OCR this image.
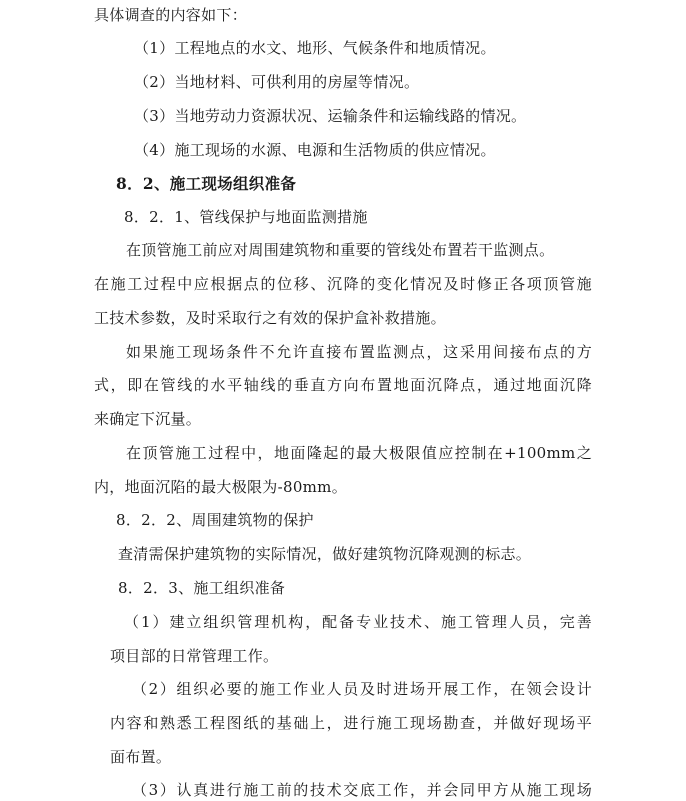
具体调查的内容如下：
（1）工程地点的水文、地形、气候条件和地质情况。
（2）当地材料、可供利用的房屋等情况。
（3）当地劳动力资源状况、运输条件和运输线路的情况。
（4）施工现场的水源、电源和生活物质的供应情况。
8．2、施工现场组织准备
8．2．1、管线保护与地面监测措施
在顶管施工前应对周围建筑物和重要的管线处布置若干监测点。
在施工过程中应根据点的位移、沉降的变化情况及时修正各项顶管施
工技术参数，及时采取行之有效的保护盒补救措施。
如果施工现场条件不允许直接布置监测点，这采用间接布点的方
式，即在管线的水平轴线的垂直方向布置地面沉降点，通过地面沉降
来确定下沉量。
在顶管施工过程中，地面隆起的最大极限值应控制在+100mm之
内，地面沉陷的最大极限为-80mm。
8．2．2、周围建筑物的保护
查清需保护建筑物的实际情况，做好建筑物沉降观测的标志。
8．2．3、施工组织准备
（1）建立组织管理机构，配备专业技术、施工管理人员，完善
项目部的日常管理工作。
（2）组织必要的施工作业人员及时进场开展工作，在领会设计
内容和熟悉工程图纸的基础上，进行施工现场勘查，并做好现场平
面布置。
（3）认真进行施工前的技术交底工作，并会同甲方从施工现场
